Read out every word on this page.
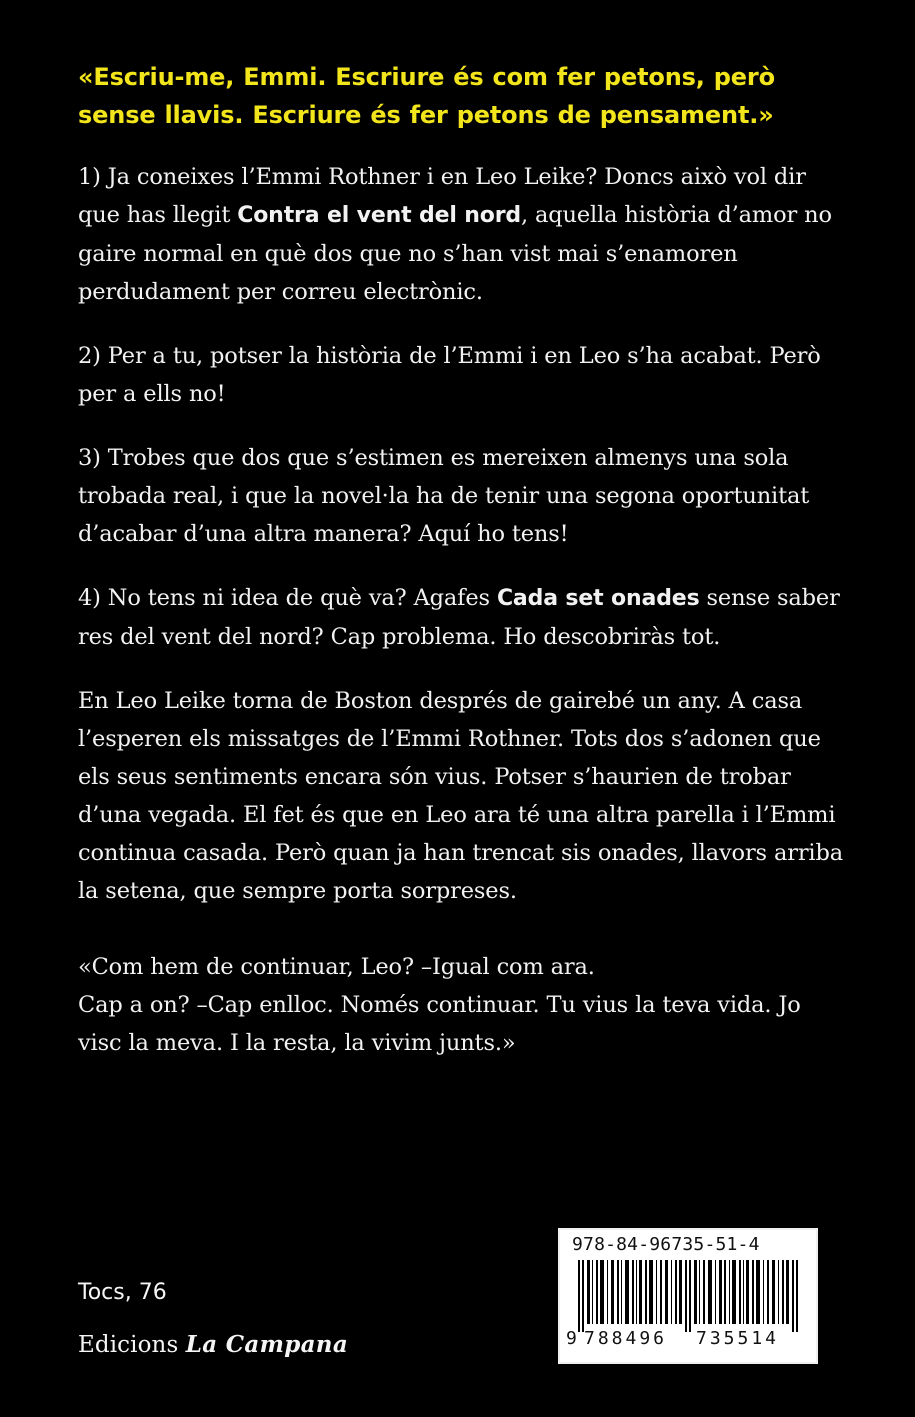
«Escriu-me, Emmi. Escriure és com fer petons, però sense llavis. Escriure és fer petons de pensament.»

1) Ja coneixes l’Emmi Rothner i en Leo Leike? Doncs això vol dir que has llegit Contra el vent del nord, aquella història d’amor no gaire normal en què dos que no s’han vist mai s’enamoren perdudament per correu electrònic.

2) Per a tu, potser la història de l’Emmi i en Leo s’ha acabat. Però per a ells no!

3) Trobes que dos que s’estimen es mereixen almenys una sola trobada real, i que la novel·la ha de tenir una segona oportunitat d’acabar d’una altra manera? Aquí ho tens!

4) No tens ni idea de què va? Agafes Cada set onades sense saber res del vent del nord? Cap problema. Ho descobriràs tot.

En Leo Leike torna de Boston després de gairebé un any. A casa l’esperen els missatges de l’Emmi Rothner. Tots dos s’adonen que els seus sentiments encara són vius. Potser s’haurien de trobar d’una vegada. El fet és que en Leo ara té una altra parella i l’Emmi continua casada. Però quan ja han trencat sis onades, llavors arriba la setena, que sempre porta sorpreses.

«Com hem de continuar, Leo? –Igual com ara.
Cap a on? –Cap enlloc. Només continuar. Tu vius la teva vida. Jo visc la meva. I la resta, la vivim junts.»

Tocs, 76
Edicions La Campana
978-84-96735-51-4
9 788496 735514
